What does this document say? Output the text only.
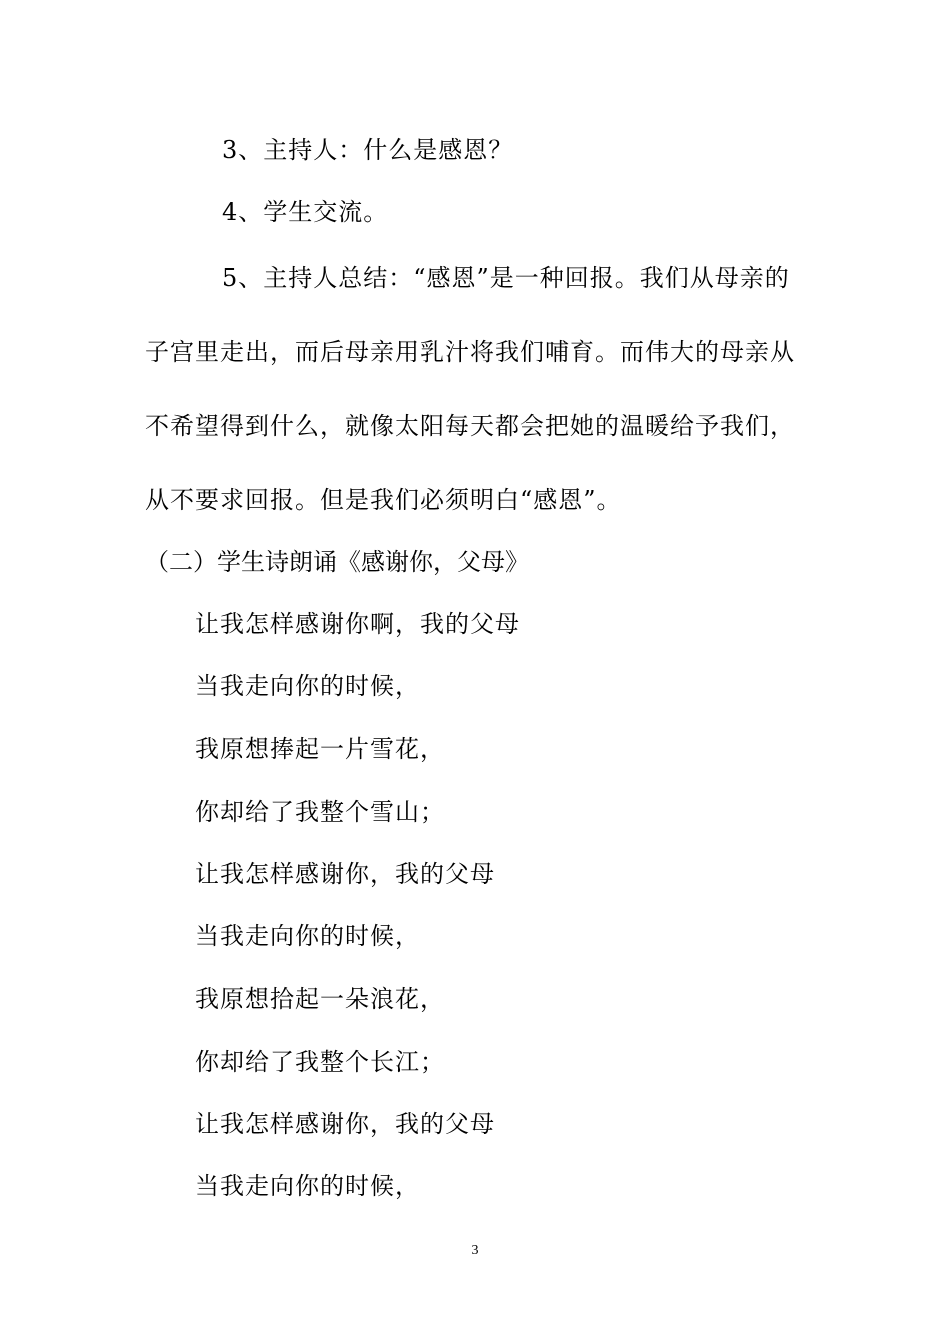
3、主持人：什么是感恩？
4、学生交流。
5、主持人总结：“感恩”是一种回报。我们从母亲的
子宫里走出，而后母亲用乳汁将我们哺育。而伟大的母亲从
不希望得到什么，就像太阳每天都会把她的温暖给予我们，
从不要求回报。但是我们必须明白“感恩”。
（二）学生诗朗诵《感谢你，父母》
让我怎样感谢你啊，我的父母
当我走向你的时候，
我原想捧起一片雪花，
你却给了我整个雪山；
让我怎样感谢你，我的父母
当我走向你的时候，
我原想拾起一朵浪花，
你却给了我整个长江；
让我怎样感谢你，我的父母
当我走向你的时候，
3
